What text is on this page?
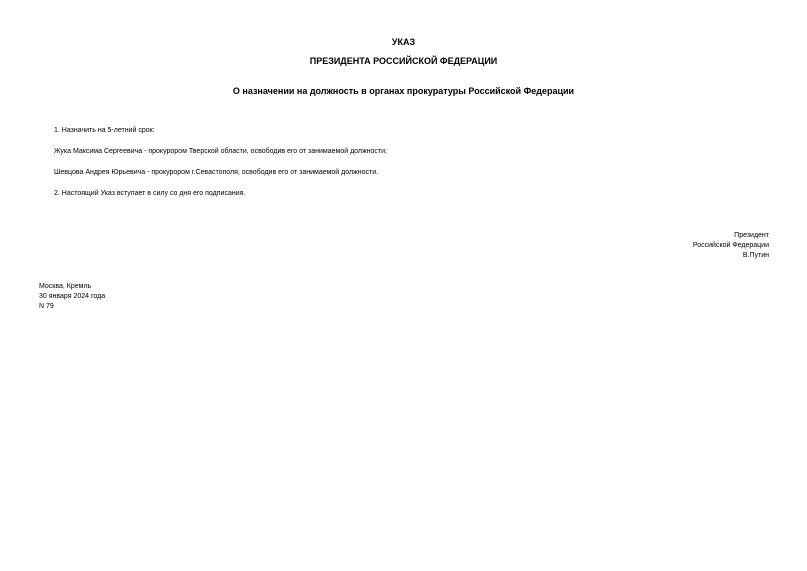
УКАЗ
ПРЕЗИДЕНТА РОССИЙСКОЙ ФЕДЕРАЦИИ
О назначении на должность в органах прокуратуры Российской Федерации
1. Назначить на 5-летний срок:
Жука Максима Сергеевича - прокурором Тверской области, освободив его от занимаемой должности;
Шевцова Андрея Юрьевича - прокурором г.Севастополя, освободив его от занимаемой должности.
2. Настоящий Указ вступает в силу со дня его подписания.
Президент
Российской Федерации
В.Путин
Москва, Кремль
30 января 2024 года
N 79
